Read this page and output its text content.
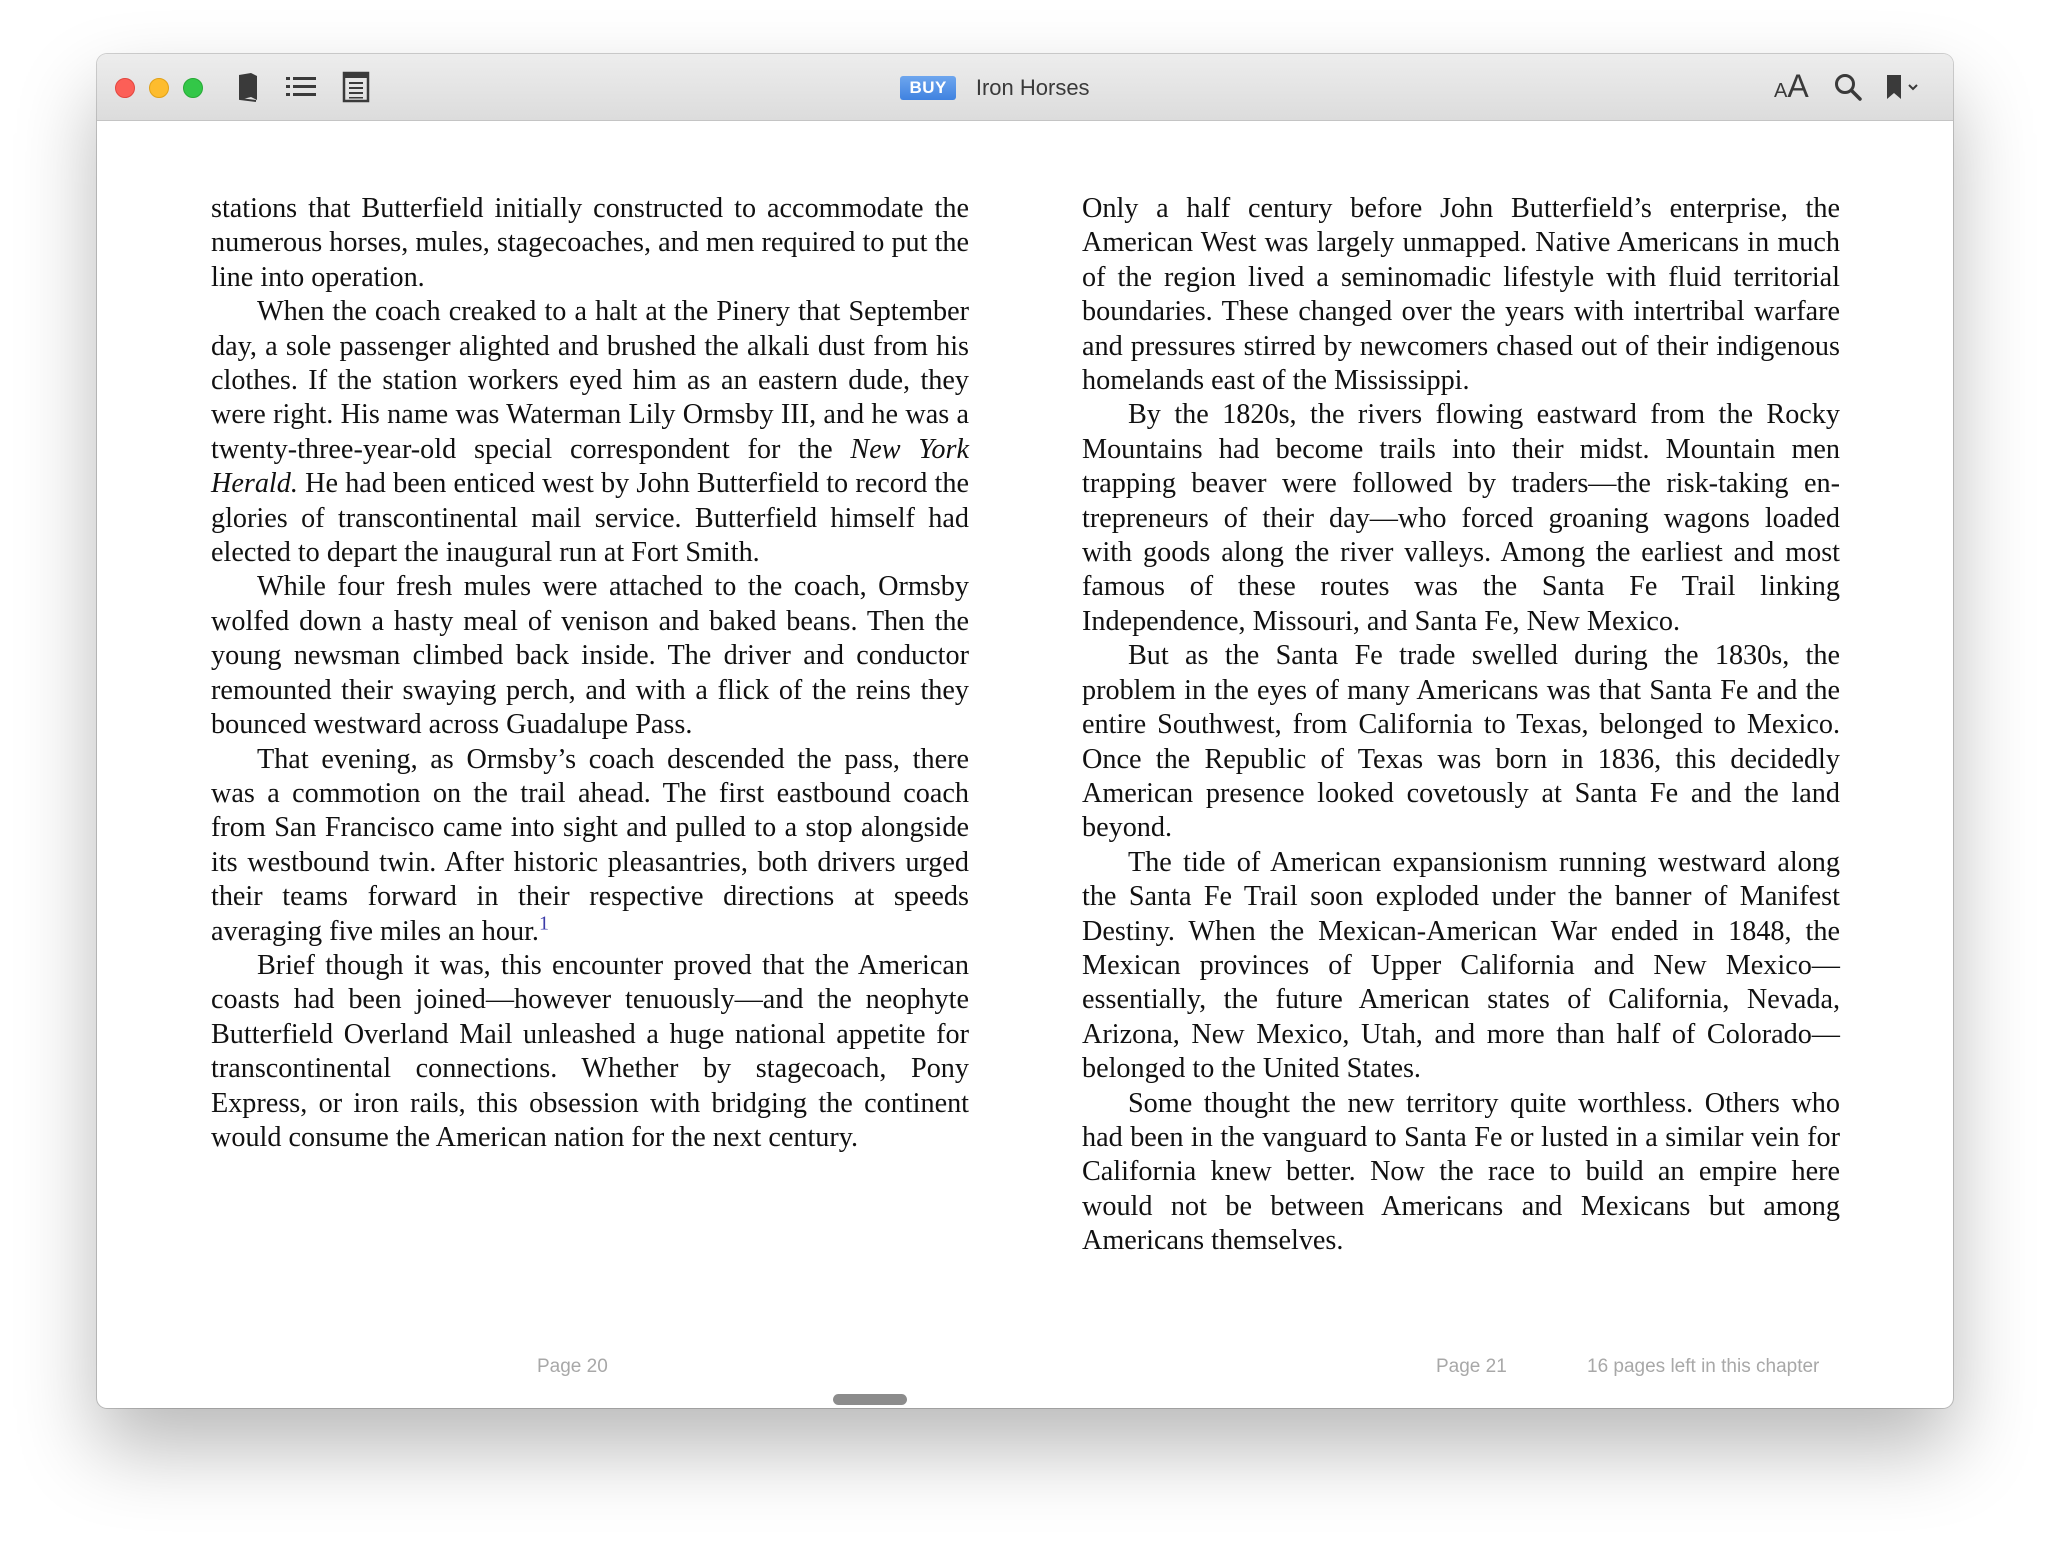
BUY	Iron Horses	AA

stations that Butterfield initially constructed to accommodate the numerous horses, mules, stagecoaches, and men required to put the line into operation.

When the coach creaked to a halt at the Pinery that September day, a sole passenger alighted and brushed the alkali dust from his clothes. If the station workers eyed him as an eastern dude, they were right. His name was Waterman Lily Ormsby III, and he was a twenty-three-year-old special correspondent for the New York Herald. He had been enticed west by John Butterfield to record the glories of transcontinental mail service. Butterfield himself had elected to depart the inaugural run at Fort Smith.

While four fresh mules were attached to the coach, Ormsby wolfed down a hasty meal of venison and baked beans. Then the young newsman climbed back inside. The driver and conductor remounted their swaying perch, and with a flick of the reins they bounced westward across Guadalupe Pass.

That evening, as Ormsby’s coach descended the pass, there was a commotion on the trail ahead. The first eastbound coach from San Francisco came into sight and pulled to a stop alongside its westbound twin. After historic pleasantries, both drivers urged their teams forward in their respective directions at speeds averaging five miles an hour.$^1$

Brief though it was, this encounter proved that the American coasts had been joined—however tenuously—and the neophyte Butterfield Overland Mail unleashed a huge national appetite for transcontinental connections. Whether by stagecoach, Pony Express, or iron rails, this obsession with bridging the continent would consume the American nation for the next century.

Only a half century before John Butterfield’s enterprise, the American West was largely unmapped. Native Americans in much of the region lived a seminomadic lifestyle with fluid territorial boundaries. These changed over the years with intertribal warfare and pressures stirred by newcomers chased out of their indigenous homelands east of the Mississippi.

By the 1820s, the rivers flowing eastward from the Rocky Mountains had become trails into their midst. Mountain men trapping beaver were followed by traders—the risk-taking entrepreneurs of their day—who forced groaning wagons loaded with goods along the river valleys. Among the earliest and most famous of these routes was the Santa Fe Trail linking Independence, Missouri, and Santa Fe, New Mexico.

But as the Santa Fe trade swelled during the 1830s, the problem in the eyes of many Americans was that Santa Fe and the entire Southwest, from California to Texas, belonged to Mexico. Once the Republic of Texas was born in 1836, this decidedly American presence looked covetously at Santa Fe and the land beyond.

The tide of American expansionism running westward along the Santa Fe Trail soon exploded under the banner of Manifest Destiny. When the Mexican-American War ended in 1848, the Mexican provinces of Upper California and New Mexico—essentially, the future American states of California, Nevada, Arizona, New Mexico, Utah, and more than half of Colorado—belonged to the United States.

Some thought the new territory quite worthless. Others who had been in the vanguard to Santa Fe or lusted in a similar vein for California knew better. Now the race to build an empire here would not be between Americans and Mexicans but among Americans themselves.

Page 20	Page 21	16 pages left in this chapter
